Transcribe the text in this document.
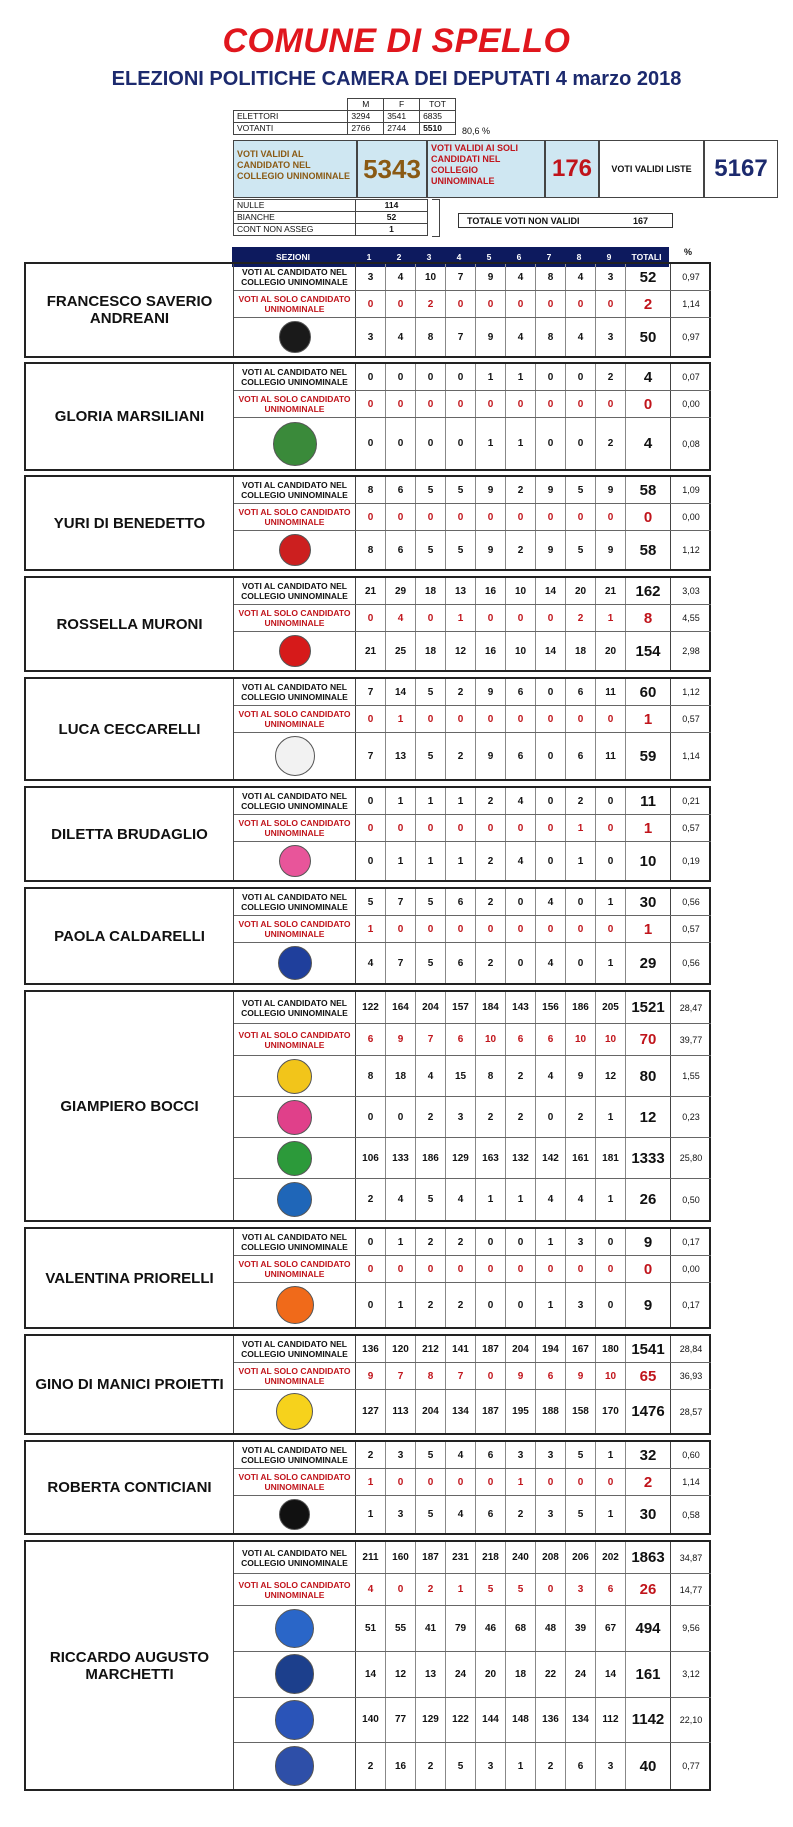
COMUNE DI SPELLO
ELEZIONI POLITICHE CAMERA DEI DEPUTATI 4 marzo 2018
	M	F	TOT
ELETTORI	3294	3541	6835
VOTANTI	2766	2744	5510 80,6 %
VOTI VALIDI AL CANDIDATO NEL COLLEGIO UNINOMINALE 5343
VOTI VALIDI AI SOLI CANDIDATI NEL COLLEGIO UNINOMINALE	176	VOTI VALIDI LISTE 5167
NULLE	114
BIANCHE	52
CONT NON ASSEG	1
TOTALE VOTI NON VALIDI	167
SEZIONI	1	2	3	4	5	6	7	8	9	TOTALI	%
FRANCESCO SAVERIO ANDREANI
VOTI AL CANDIDATO NEL COLLEGIO UNINOMINALE	3	4	10	7	9	4	8	4	3	52	0,97
VOTI AL SOLO CANDIDATO UNINOMINALE	0	0	2	0	0	0	0	0	0	2	1,14
3	4	8	7	9	4	8	4	3	50	0,97
GLORIA MARSILIANI
VOTI AL CANDIDATO NEL COLLEGIO UNINOMINALE	0	0	0	0	1	1	0	0	2	4	0,07
VOTI AL SOLO CANDIDATO UNINOMINALE	0	0	0	0	0	0	0	0	0	0	0,00
0	0	0	0	1	1	0	0	2	4	0,08
YURI DI BENEDETTO
VOTI AL CANDIDATO NEL COLLEGIO UNINOMINALE	8	6	5	5	9	2	9	5	9	58	1,09
VOTI AL SOLO CANDIDATO UNINOMINALE	0	0	0	0	0	0	0	0	0	0	0,00
8	6	5	5	9	2	9	5	9	58	1,12
ROSSELLA MURONI
VOTI AL CANDIDATO NEL COLLEGIO UNINOMINALE	21	29	18	13	16	10	14	20	21	162	3,03
VOTI AL SOLO CANDIDATO UNINOMINALE	0	4	0	1	0	0	0	2	1	8	4,55
21	25	18	12	16	10	14	18	20	154	2,98
LUCA CECCARELLI
VOTI AL CANDIDATO NEL COLLEGIO UNINOMINALE	7	14	5	2	9	6	0	6	11	60	1,12
VOTI AL SOLO CANDIDATO UNINOMINALE	0	1	0	0	0	0	0	0	0	1	0,57
7	13	5	2	9	6	0	6	11	59	1,14
DILETTA BRUDAGLIO
VOTI AL CANDIDATO NEL COLLEGIO UNINOMINALE	0	1	1	1	2	4	0	2	0	11	0,21
VOTI AL SOLO CANDIDATO UNINOMINALE	0	0	0	0	0	0	0	1	0	1	0,57
0	1	1	1	2	4	0	1	0	10	0,19
PAOLA CALDARELLI
VOTI AL CANDIDATO NEL COLLEGIO UNINOMINALE	5	7	5	6	2	0	4	0	1	30	0,56
VOTI AL SOLO CANDIDATO UNINOMINALE	1	0	0	0	0	0	0	0	0	1	0,57
4	7	5	6	2	0	4	0	1	29	0,56
GIAMPIERO BOCCI
VOTI AL CANDIDATO NEL COLLEGIO UNINOMINALE	122	164	204	157	184	143	156	186	205 1521	28,47
VOTI AL SOLO CANDIDATO UNINOMINALE	6	9	7	6	10	6	6	10	10	70	39,77
8	18	4	15	8	2	4	9	12	80	1,55
0	0	2	3	2	2	0	2	1	12	0,23
106	133	186	129	163	132	142	161	181 1333	25,80
2	4	5	4	1	1	4	4	1	26	0,50
VALENTINA PRIORELLI
VOTI AL CANDIDATO NEL COLLEGIO UNINOMINALE	0	1	2	2	0	0	1	3	0	9	0,17
VOTI AL SOLO CANDIDATO UNINOMINALE	0	0	0	0	0	0	0	0	0	0	0,00
0	1	2	2	0	0	1	3	0	9	0,17
GINO DI MANICI PROIETTI
VOTI AL CANDIDATO NEL COLLEGIO UNINOMINALE	136	120	212	141	187	204	194	167	180 1541	28,84
VOTI AL SOLO CANDIDATO UNINOMINALE	9	7	8	7	0	9	6	9	10	65	36,93
127	113	204	134	187	195	188	158	170 1476	28,57
ROBERTA CONTICIANI
VOTI AL CANDIDATO NEL COLLEGIO UNINOMINALE	2	3	5	4	6	3	3	5	1	32	0,60
VOTI AL SOLO CANDIDATO UNINOMINALE	1	0	0	0	0	1	0	0	0	2	1,14
1	3	5	4	6	2	3	5	1	30	0,58
RICCARDO AUGUSTO MARCHETTI
VOTI AL CANDIDATO NEL COLLEGIO UNINOMINALE	211	160	187	231	218	240	208	206	202 1863	34,87
VOTI AL SOLO CANDIDATO UNINOMINALE	4	0	2	1	5	5	0	3	6	26	14,77
51	55	41	79	46	68	48	39	67	494	9,56
14	12	13	24	20	18	22	24	14	161	3,12
140	77	129	122	144	148	136	134	112 1142	22,10
2	16	2	5	3	1	2	6	3	40	0,77
